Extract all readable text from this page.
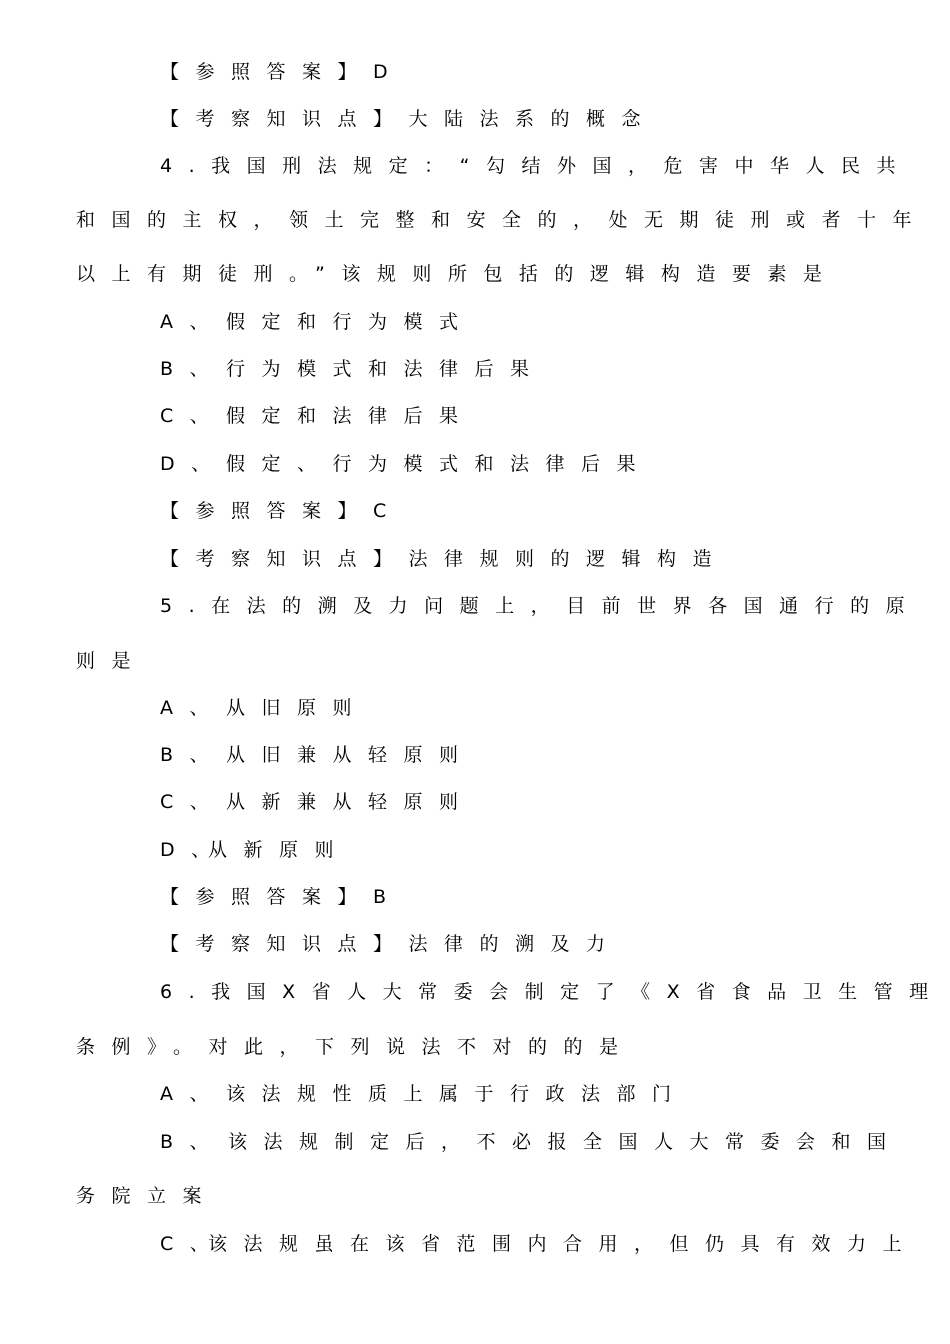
【参照答案】D
【考察知识点】大陆法系的概念
4.我国刑法规定：“勾结外国，危害中华人民共
和国的主权，领土完整和安全的，处无期徒刑或者十年
以上有期徒刑。”该规则所包括的逻辑构造要素是
A、 假定和行为模式
B、 行为模式和法律后果
C、 假定和法律后果
D、 假定、行为模式和法律后果
【参照答案】C
【考察知识点】法律规则的逻辑构造
5.在法的溯及力问题上，目前世界各国通行的原
则是
A、 从旧原则
B、 从旧兼从轻原则
C、 从新兼从轻原则
D、
从新原则
【参照答案】B
【考察知识点】法律的溯及力
6.我国X省人大常委会制定了《X省食品卫生管理
条例》。对此，下列说法不对的的是
A、 该法规性质上属于行政法部门
B、 该法规制定后，不必报全国人大常委会和国
务院立案
C、
该法规虽在该省范围内合用，但仍具有效力上
